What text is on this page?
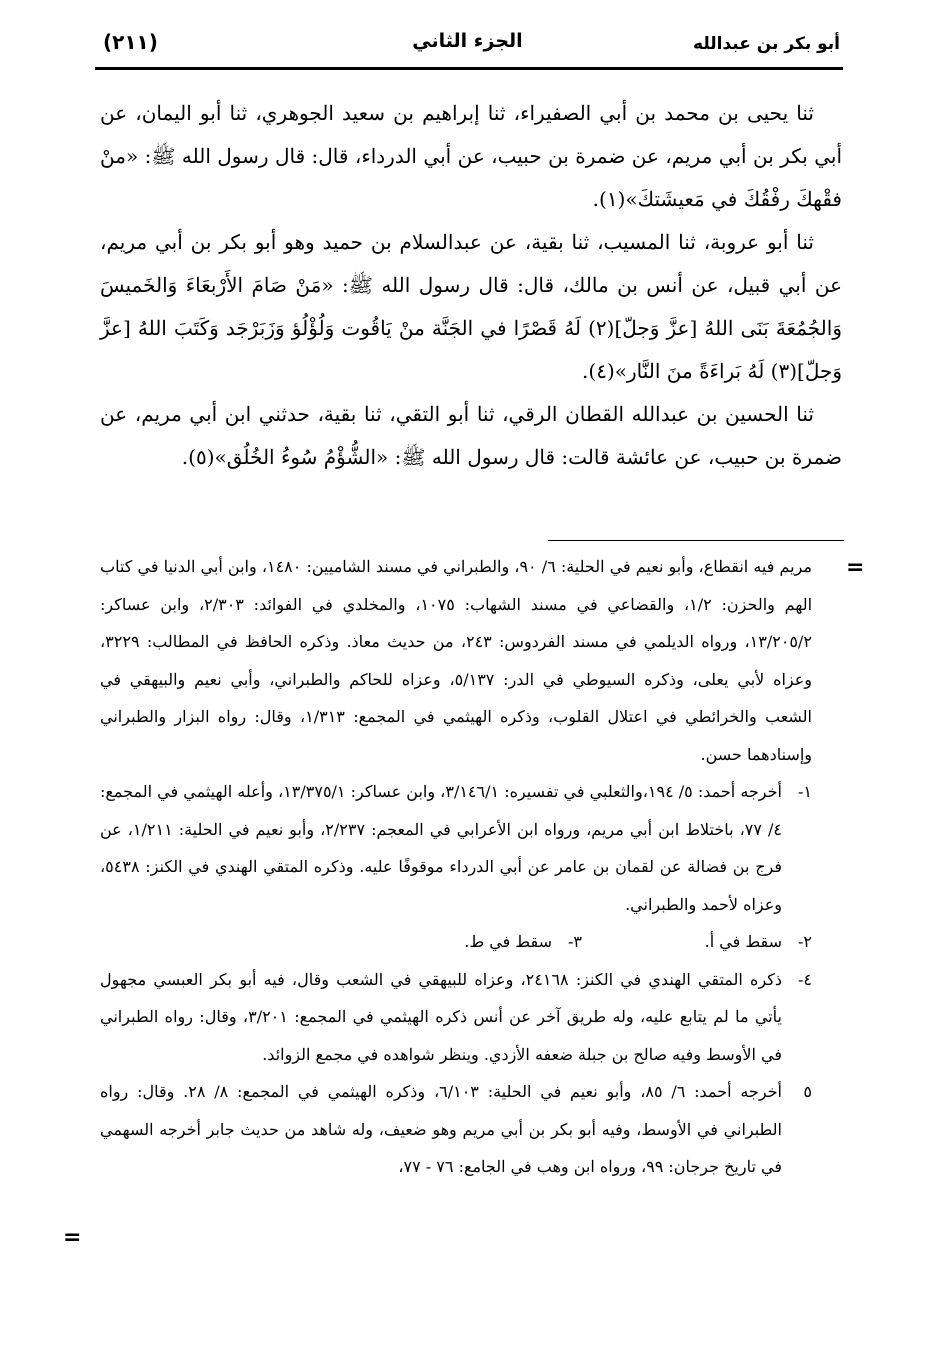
أبو بكر بن عبدالله
الجزء الثاني
(٢١١)

ثنا يحيى بن محمد بن أبي الصفيراء، ثنا إبراهيم بن سعيد الجوهري، ثنا أبو اليمان، عن أبي بكر بن أبي مريم، عن ضمرة بن حبيب، عن أبي الدرداء، قال: قال رسول الله ﷺ: «منْ فقْهكَ رفْقُكَ في مَعيشَتكَ»(١).

ثنا أبو عروبة، ثنا المسيب، ثنا بقية، عن عبدالسلام بن حميد وهو أبو بكر بن أبي مريم، عن أبي قبيل، عن أنس بن مالك، قال: قال رسول الله ﷺ: «مَنْ صَامَ الأَرْبعَاءَ وَالخَميسَ وَالجُمُعَةَ بَنَى اللهُ [عزَّ وَجلّ](٢) لَهُ قَصْرًا في الجَنَّة منْ يَاقُوت وَلُؤْلُؤ وَزَبَرْجَد وَكَتَبَ اللهُ [عزَّ وَجلّ](٣) لَهُ بَراءَةً منَ النَّار»(٤).

ثنا الحسين بن عبدالله القطان الرقي، ثنا أبو التقي، ثنا بقية، حدثني ابن أبي مريم، عن ضمرة بن حبيب، عن عائشة قالت: قال رسول الله ﷺ: «الشُّؤْمُ سُوءُ الخُلُق»(٥).

=

مريم فيه انقطاع، وأبو نعيم في الحلية: ٦/ ٩٠، والطبراني في مسند الشاميين: ١٤٨٠، وابن أبي الدنيا في كتاب الهم والحزن: ١/٢، والقضاعي في مسند الشهاب: ١٠٧٥، والمخلدي في الفوائد: ٢/٣٠٣، وابن عساكر: ١٣/٢٠٥/٢، ورواه الديلمي في مسند الفردوس: ٢٤٣، من حديث معاذ. وذكره الحافظ في المطالب: ٣٢٢٩، وعزاه لأبي يعلى، وذكره السيوطي في الدر: ٥/١٣٧، وعزاه للحاكم والطبراني، وأبي نعيم والبيهقي في الشعب والخرائطي في اعتلال القلوب، وذكره الهيثمي في المجمع: ١/٣١٣، وقال: رواه البزار والطبراني وإسنادهما حسن.

١-أخرجه أحمد: ٥/ ١٩٤،والثعلبي في تفسيره: ٣/١٤٦/١، وابن عساكر: ١٣/٣٧٥/١، وأعله الهيثمي في المجمع: ٤/ ٧٧، باختلاط ابن أبي مريم، ورواه ابن الأعرابي في المعجم: ٢/٢٣٧، وأبو نعيم في الحلية: ١/٢١١، عن فرج بن فضالة عن لقمان بن عامر عن أبي الدرداء موقوفًا عليه. وذكره المتقي الهندي في الكنز: ٥٤٣٨، وعزاه لأحمد والطبراني.

٢-سقط في أ.

٣-سقط في ط.

٤-ذكره المتقي الهندي في الكنز: ٢٤١٦٨، وعزاه للبيهقي في الشعب وقال، فيه أبو بكر العبسي مجهول يأتي ما لم يتابع عليه، وله طريق آخر عن أنس ذكره الهيثمي في المجمع: ٣/٢٠١، وقال: رواه الطبراني في الأوسط وفيه صالح بن جبلة ضعفه الأزدي. وينظر شواهده في مجمع الزوائد.

٥أخرجه أحمد: ٦/ ٨٥، وأبو نعيم في الحلية: ٦/١٠٣، وذكره الهيثمي في المجمع: ٨/ ٢٨. وقال: رواه الطبراني في الأوسط، وفيه أبو بكر بن أبي مريم وهو ضعيف، وله شاهد من حديث جابر أخرجه السهمي في تاريخ جرجان: ٩٩، ورواه ابن وهب في الجامع: ٧٦ - ٧٧،

=
